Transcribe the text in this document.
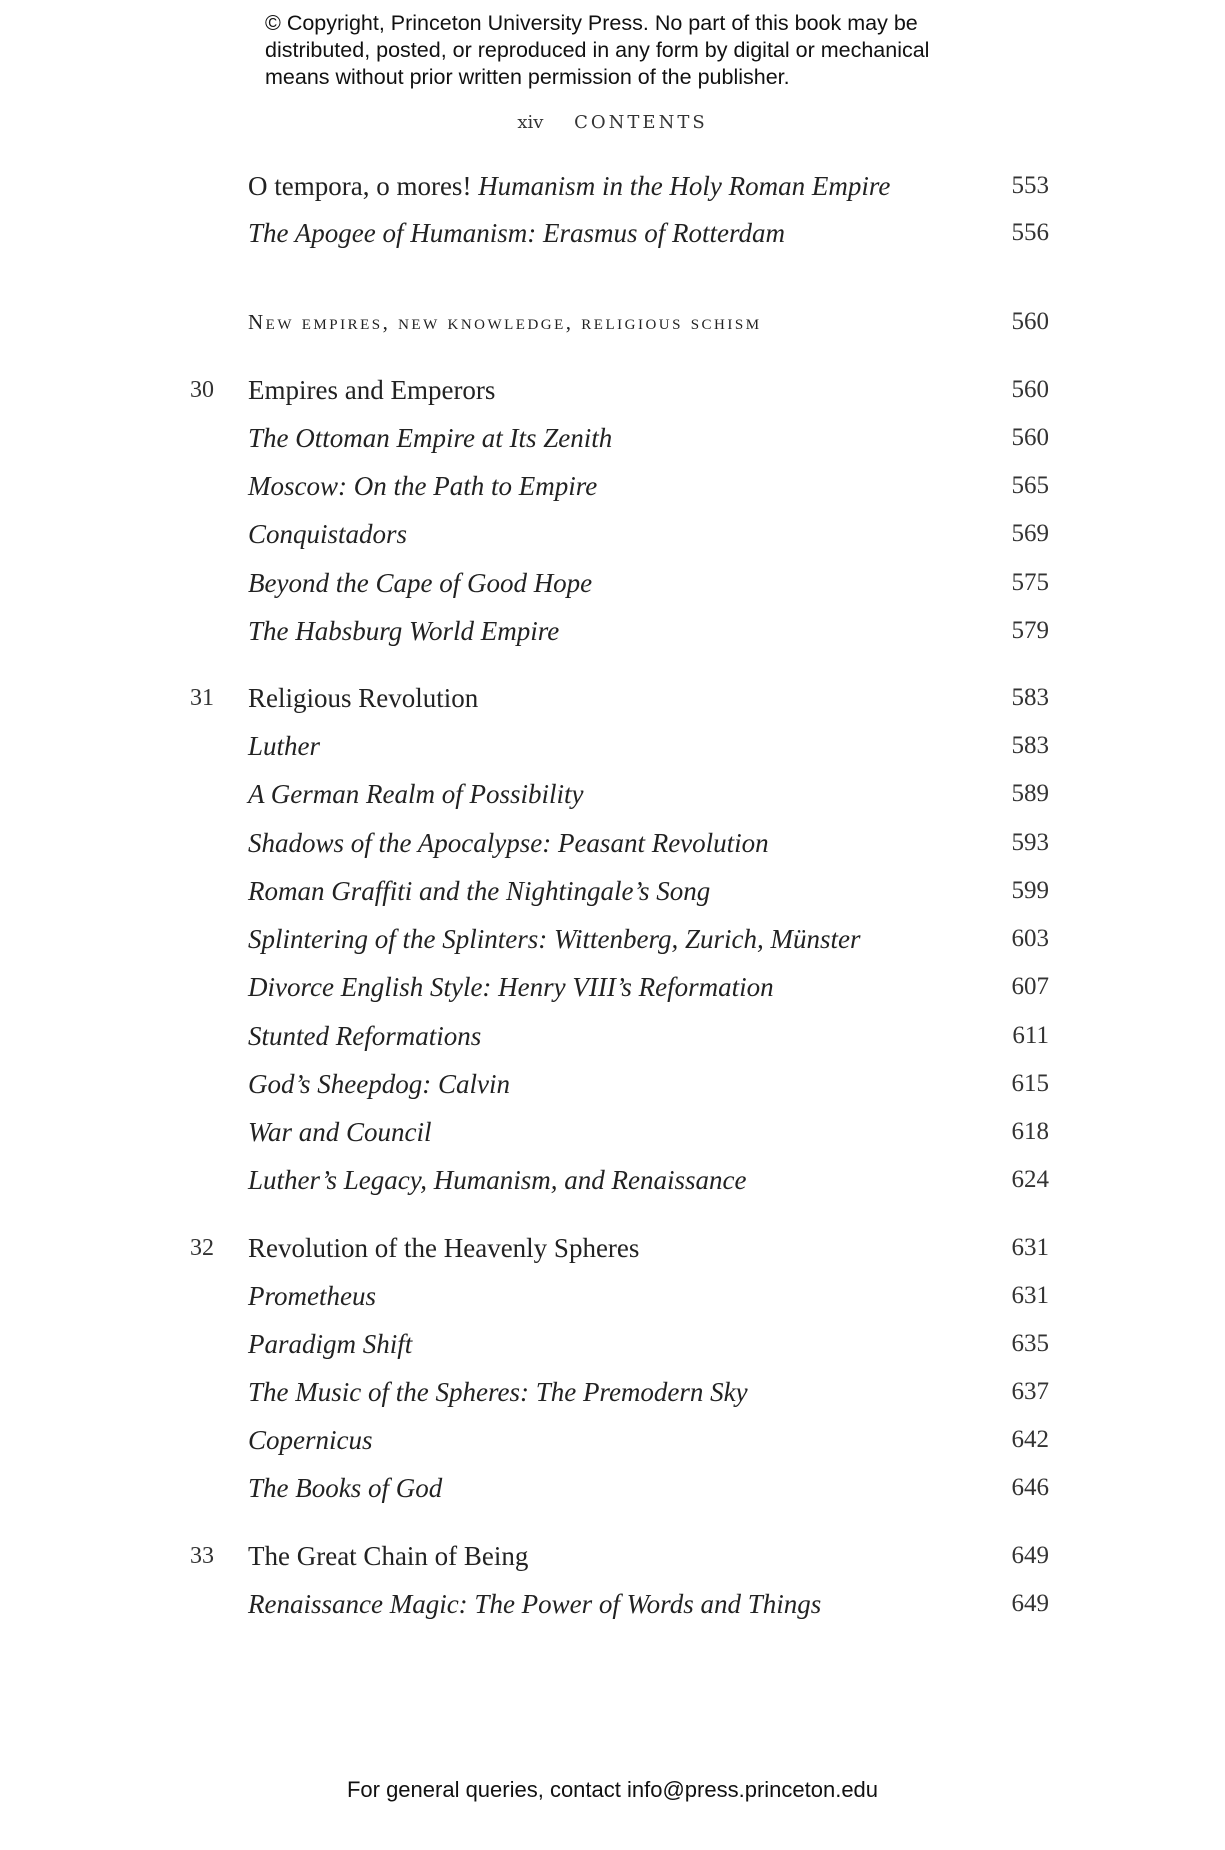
© Copyright, Princeton University Press. No part of this book may be
distributed, posted, or reproduced in any form by digital or mechanical
means without prior written permission of the publisher.
xiv CONTENTS
O tempora, o mores! Humanism in the Holy Roman Empire	553
The Apogee of Humanism: Erasmus of Rotterdam	556
New empires, new knowledge, religious schism	560
30	Empires and Emperors	560
The Ottoman Empire at Its Zenith	560
Moscow: On the Path to Empire	565
Conquistadors	569
Beyond the Cape of Good Hope	575
The Habsburg World Empire	579
31	Religious Revolution	583
Luther	583
A German Realm of Possibility	589
Shadows of the Apocalypse: Peasant Revolution	593
Roman Graffiti and the Nightingale’s Song	599
Splintering of the Splinters: Wittenberg, Zurich, Münster	603
Divorce English Style: Henry VIII’s Reformation	607
Stunted Reformations	611
God’s Sheepdog: Calvin	615
War and Council	618
Luther’s Legacy, Humanism, and Renaissance	624
32	Revolution of the Heavenly Spheres	631
Prometheus	631
Paradigm Shift	635
The Music of the Spheres: The Premodern Sky	637
Copernicus	642
The Books of God	646
33	The Great Chain of Being	649
Renaissance Magic: The Power of Words and Things	649
For general queries, contact info@press.princeton.edu
